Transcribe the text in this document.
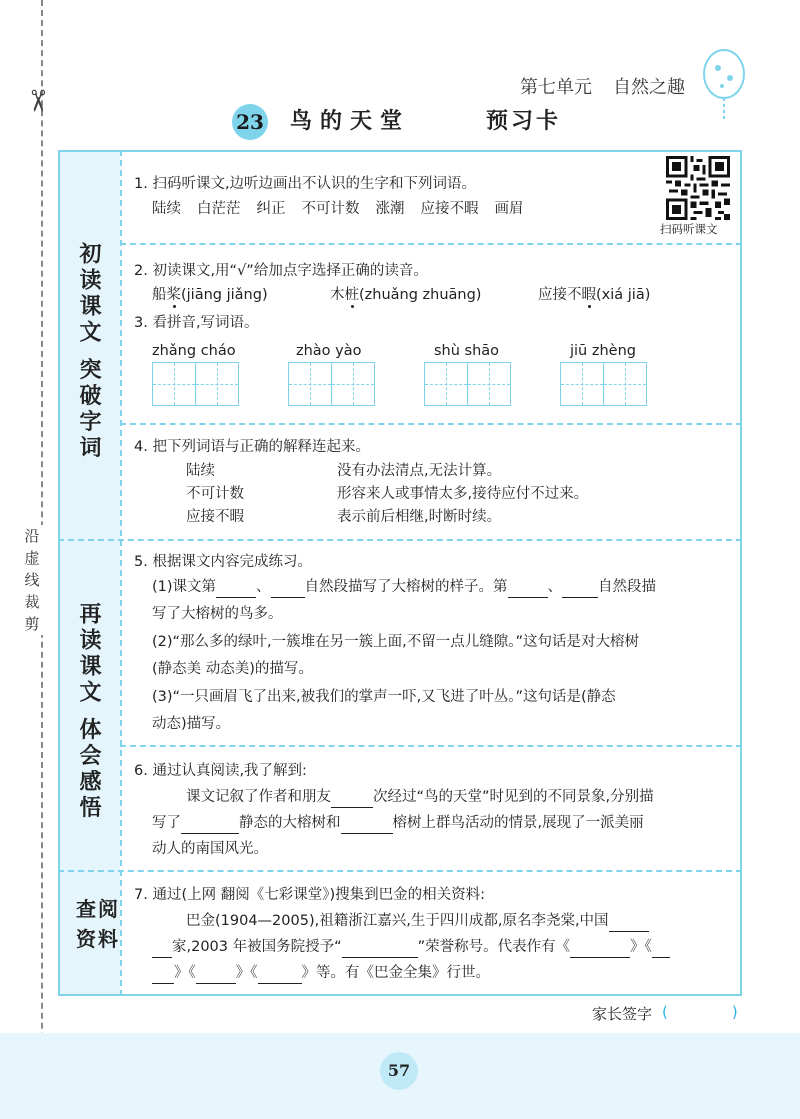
✂
沿虚线裁剪
第七单元 自然之趣
23 鸟的天堂	预习卡
初读课文 突破字词
再读课文 体会感悟
查阅资料
扫码听课文
1. 扫码听课文,边听边画出不认识的生字和下列词语。
陆续 白茫茫 纠正 不可计数 涨潮 应接不暇 画眉
2. 初读课文,用“√”给加点字选择正确的读音。
船桨(jiāng jiǎng)	木桩(zhuǎng zhuāng)	应接不暇(xiá jiā)
3. 看拼音,写词语。
zhǎng cháo	zhào yào	shù shāo	jiū zhèng
4. 把下列词语与正确的解释连起来。
陆续
不可计数
应接不暇
没有办法清点,无法计算。
形容来人或事情太多,接待应付不过来。
表示前后相继,时断时续。
5. 根据课文内容完成练习。
(1)课文第	、 自然段描写了大榕树的样子。第	、 自然段描
写了大榕树的鸟多。
(2)“那么多的绿叶,一簇堆在另一簇上面,不留一点儿缝隙。”这句话是对大榕树
(静态美 动态美)的描写。
(3)“一只画眉飞了出来,被我们的掌声一吓,又飞进了叶丛。”这句话是(静态
动态)描写。
6. 通过认真阅读,我了解到:
课文记叙了作者和朋友	次经过“鸟的天堂”时见到的不同景象,分别描
写了	静态的大榕树和	榕树上群鸟活动的情景,展现了一派美丽
动人的南国风光。
7. 通过(上网 翻阅《七彩课堂》)搜集到巴金的相关资料:
巴金(1904—2005),祖籍浙江嘉兴,生于四川成都,原名李尧棠,中国
家,2003 年被国务院授予“	”荣誉称号。代表作有《	》《
》《	》《	》等。有《巴金全集》行世。
家长签字 (	)
57
